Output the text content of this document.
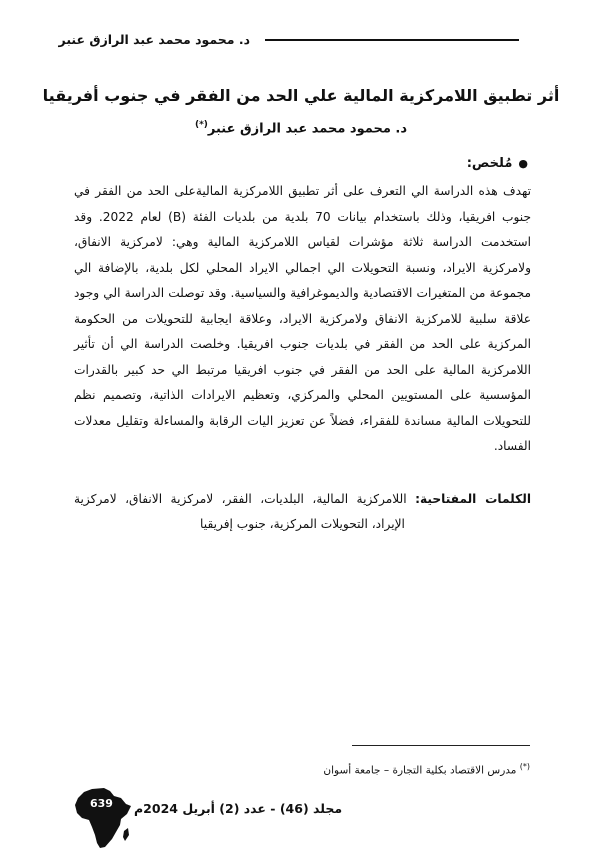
د. محمود محمد عبد الرازق عنبر
أثر تطبيق اللامركزية المالية علي الحد من الفقر في جنوب أفريقيا
د. محمود محمد عبد الرازق عنبر(*)
●مُلخص:

تهدف هذه الدراسة الي التعرف على أثر تطبيق اللامركزية الماليةعلى الحد من الفقر في جنوب افريقيا، وذلك باستخدام بيانات 70 بلدية من بلديات الفئة (B) لعام 2022. وقد استخدمت الدراسة ثلاثة مؤشرات لقياس اللامركزية المالية وهي: لامركزية الانفاق، ولامركزية الايراد، ونسبة التحويلات الي اجمالي الايراد المحلي لكل بلدية، بالإضافة الي مجموعة من المتغيرات الاقتصادية والديموغرافية والسياسية. وقد توصلت الدراسة الي وجود علاقة سلبية للامركزية الانفاق ولامركزية الايراد، وعلاقة ايجابية للتحويلات من الحكومة المركزية على الحد من الفقر في بلديات جنوب افريقيا. وخلصت الدراسة الي أن تأثير اللامركزية المالية على الحد من الفقر في جنوب افريقيا مرتبط الي حد كبير بالقدرات المؤسسية على المستويين المحلي والمركزي، وتعظيم الايرادات الذاتية، وتصميم نظم للتحويلات المالية مساندة للفقراء، فضلاً عن تعزيز اليات الرقابة والمساءلة وتقليل معدلات الفساد.

الكلمات المفتاحية: اللامركزية المالية، البلديات، الفقر، لامركزية الانفاق، لامركزية الإيراد، التحويلات المركزية، جنوب إفريقيا

(*) مدرس الاقتصاد بكلية التجارة – جامعة أسوان
639 مجلد (46) - عدد (2) أبريل 2024م
